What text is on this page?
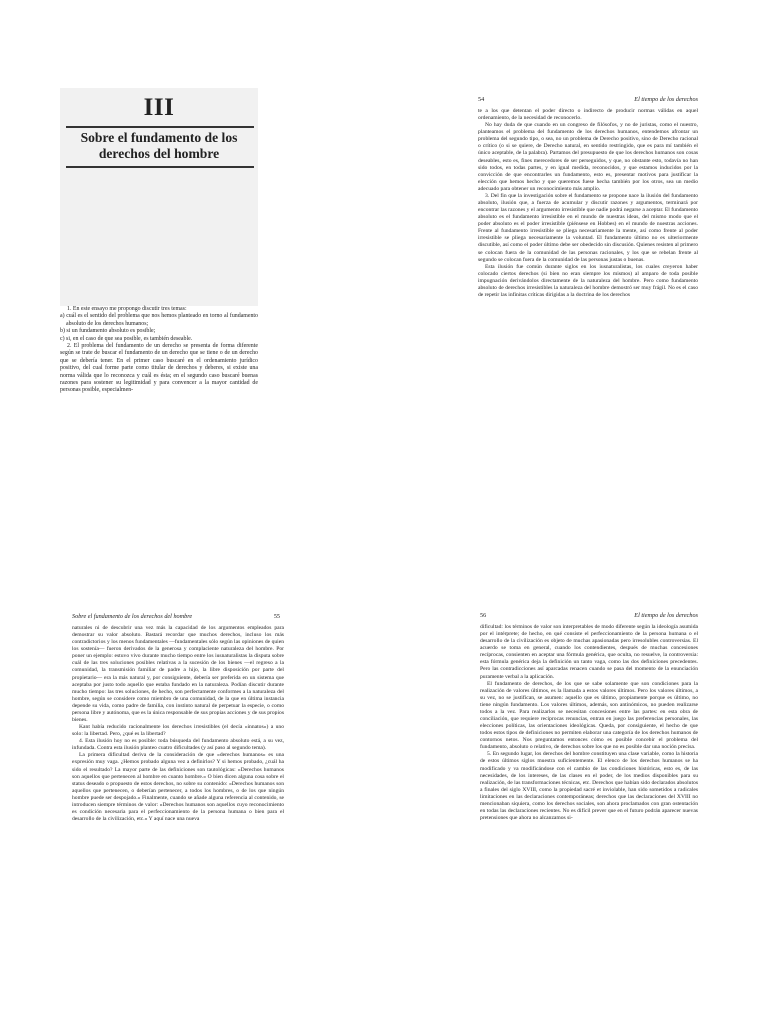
III
Sobre el fundamento de los derechos del hombre

1. En este ensayo me propongo discutir tres temas:

a) cuál es el sentido del problema que nos hemos planteado en torno al fundamento absoluto de los derechos humanos;

b) si un fundamento absoluto es posible;

c) si, en el caso de que sea posible, es también deseable.

2. El problema del fundamento de un derecho se presenta de forma diferente según se trate de buscar el fundamento de un derecho que se tiene o de un derecho que se debería tener. En el primer caso buscaré en el ordenamiento jurídico positivo, del cual forme parte como titular de derechos y deberes, si existe una norma válida que lo reconozca y cuál es ésta; en el segundo caso buscaré buenas razones para sostener su legitimidad y para convencer a la mayor cantidad de personas posible, especialmen-

54	El tiempo de los derechos

te a los que detentan el poder directo o indirecto de producir normas válidas en aquel ordenamiento, de la necesidad de reconocerlo.

No hay duda de que cuando en un congreso de filósofos, y no de juristas, como el nuestro, planteamos el problema del fundamento de los derechos humanos, entendemos afrontar un problema del segundo tipo, o sea, no un problema de Derecho positivo, sino de Derecho racional o crítico (o si se quiere, de Derecho natural, en sentido restringido, que es para mí también el único aceptable, de la palabra). Partamos del presupuesto de que los derechos humanos son cosas deseables, esto es, fines merecedores de ser perseguidos, y que, no obstante esto, todavía no han sido todos, en todas partes, y en igual medida, reconocidos, y que estamos inducidos por la convicción de que encontrarles un fundamento, esto es, presentar motivos para justificar la elección que hemos hecho y que queremos fuese hecha también por los otros, sea un medio adecuado para obtener un reconocimiento más amplio.

3. Del fin que la investigación sobre el fundamento se propone nace la ilusión del fundamento absoluto, ilusión que, a fuerza de acumular y discutir razones y argumentos, terminará por encontrar las razones y el argumento irresistible que nadie podrá negarse a aceptar. El fundamento absoluto es el fundamento irresistible en el mundo de nuestras ideas, del mismo modo que el poder absoluto es el poder irresistible (piénsese en Hobbes) en el mundo de nuestras acciones. Frente al fundamento irresistible se pliega necesariamente la mente, así como frente al poder irresistible se pliega necesariamente la voluntad. El fundamento último no es ulteriormente discutible, así como el poder último debe ser obedecido sin discusión. Quienes resisten al primero se colocan fuera de la comunidad de las personas racionales, y los que se rebelan frente al segundo se colocan fuera de la comunidad de las personas justas o buenas.

Esta ilusión fue común durante siglos en los iusnaturalistas, los cuales creyeron haber colocado ciertos derechos (si bien no eran siempre los mismos) al amparo de toda posible impugnación derivándolos directamente de la naturaleza del hombre. Pero como fundamento absoluto de derechos irresistibles la naturaleza del hombre demostró ser muy frágil. No es el caso de repetir las infinitas críticas dirigidas a la doctrina de los derechos

Sobre el fundamento de los derechos del hombre	55

naturales ni de descubrir una vez más la capacidad de los argumentos empleados para demostrar su valor absoluto. Bastará recordar que muchos derechos, incluso los más contradictorios y los menos fundamentales —fundamentales sólo según las opiniones de quien los sostenía— fueron derivados de la generosa y complaciente naturaleza del hombre. Por poner un ejemplo: estuvo vivo durante mucho tiempo entre los iusnaturalistas la disputa sobre cuál de las tres soluciones posibles relativas a la sucesión de los bienes —el regreso a la comunidad, la transmisión familiar de padre a hijo, la libre disposición por parte del propietario— era la más natural y, por consiguiente, debería ser preferida en un sistema que aceptaba por justo todo aquello que estaba fundado en la naturaleza. Podían discutir durante mucho tiempo: las tres soluciones, de hecho, son perfectamente conformes a la naturaleza del hombre, según se considere como miembro de una comunidad, de la que en última instancia depende su vida, como padre de familia, con instinto natural de perpetuar la especie, o como persona libre y autónoma, que es la única responsable de sus propias acciones y de sus propios bienes.

Kant había reducido racionalmente los derechos irresistibles (el decía «innatos») a uno solo: la libertad. Pero, ¿qué es la libertad?

4. Esta ilusión hoy no es posible: toda búsqueda del fundamento absoluto está, a su vez, infundada. Contra esta ilusión planteo cuatro dificultades (y así paso al segundo tema).

La primera dificultad deriva de la consideración de que «derechos humanos» es una expresión muy vaga. ¿Hemos probado alguna vez a definirlos? Y si hemos probado, ¿cuál ha sido el resultado? La mayor parte de las definiciones son tautológicas: «Derechos humanos son aquellos que pertenecen al hombre en cuanto hombre.» O bien dicen alguna cosa sobre el status deseado o propuesto de estos derechos, no sobre su contenido: «Derechos humanos son aquellos que pertenecen, o deberían pertenecer, a todos los hombres, o de los que ningún hombre puede ser despojado.» Finalmente, cuando se añade alguna referencia al contenido, se introducen siempre términos de valor: «Derechos humanos son aquellos cuyo reconocimiento es condición necesaria para el perfeccionamiento de la persona humana o bien para el desarrollo de la civilización, etc.» Y aquí nace una nueva

56	El tiempo de los derechos

dificultad: los términos de valor son interpretables de modo diferente según la ideología asumida por el intérprete; de hecho, en qué consiste el perfeccionamiento de la persona humana o el desarrollo de la civilización es objeto de muchas apasionadas pero irresolubles controversias. El acuerdo se toma en general, cuando los contendientes, después de muchas concesiones recíprocas, consienten en aceptar una fórmula genérica, que oculta, no resuelve, la controversia: esta fórmula genérica deja la definición un tanto vaga, como las dos definiciones precedentes. Pero las contradicciones así aparcadas renacen cuando se pasa del momento de la enunciación puramente verbal a la aplicación.

El fundamento de derechos, de los que se sabe solamente que son condiciones para la realización de valores últimos, es la llamada a estos valores últimos. Pero los valores últimos, a su vez, no se justifican, se asumen: aquello que es último, propiamente porque es último, no tiene ningún fundamento. Los valores últimos, además, son antinómicos, no pueden realizarse todos a la vez. Para realizarlos se necesitan concesiones entre las partes: en esta obra de conciliación, que requiere recíprocas renuncias, entran en juego las preferencias personales, las elecciones políticas, las orientaciones ideológicas. Queda, por consiguiente, el hecho de que todos estos tipos de definiciones no permiten elaborar una categoría de los derechos humanos de contornos netos. Nos preguntamos entonces cómo es posible concebir el problema del fundamento, absoluto o relativo, de derechos sobre los que no es posible dar una noción precisa.

5. En segundo lugar, los derechos del hombre constituyen una clase variable, como la historia de estos últimos siglos muestra suficientemente. El elenco de los derechos humanos se ha modificado y va modificándose con el cambio de las condiciones históricas, esto es, de las necesidades, de los intereses, de las clases en el poder, de los medios disponibles para su realización, de las transformaciones técnicas, etc. Derechos que habían sido declarados absolutos a finales del siglo XVIII, como la propiedad sacré et inviolable, han sido sometidos a radicales limitaciones en las declaraciones contemporáneas; derechos que las declaraciones del XVIII no mencionaban siquiera, como los derechos sociales, son ahora proclamados con gran ostentación en todas las declaraciones recientes. No es difícil prever que en el futuro podrán aparecer nuevas pretensiones que ahora no alcanzamos si-
